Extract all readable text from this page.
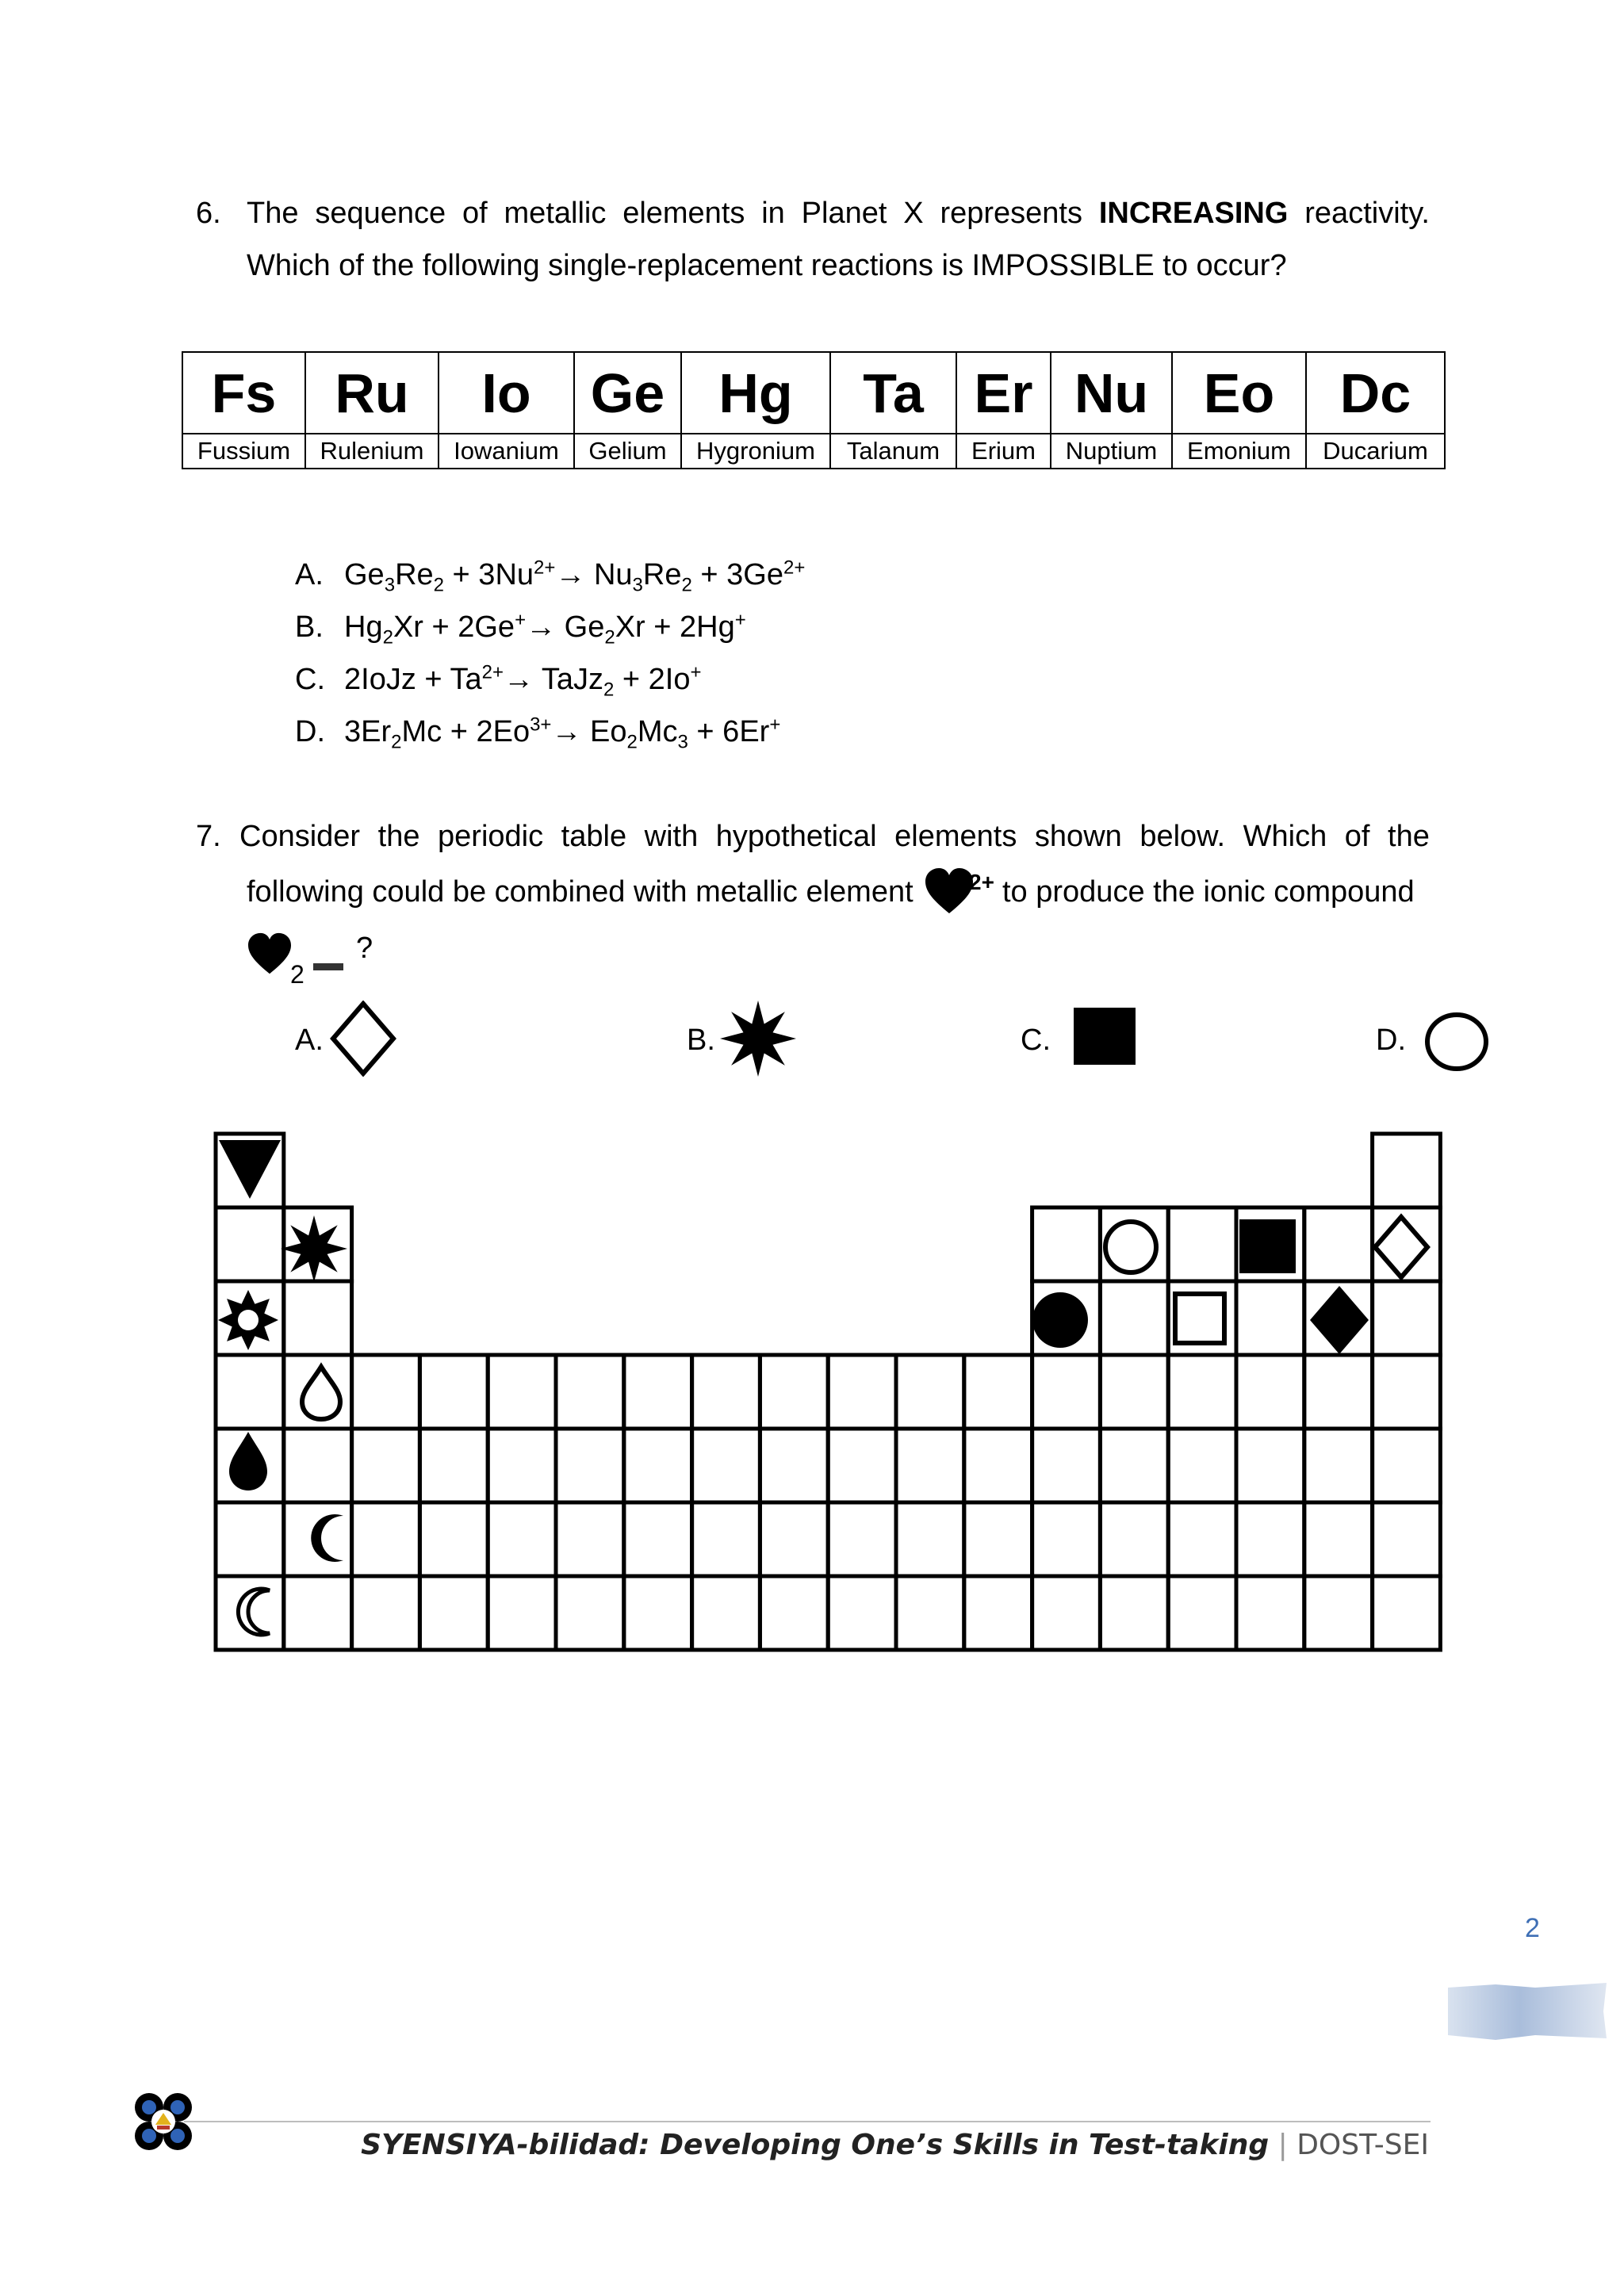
6. The sequence of metallic elements in Planet X represents INCREASING reactivity.
Which of the following single-replacement reactions is IMPOSSIBLE to occur?
Fs	Ru	Io	Ge	Hg	Ta	Er	Nu	Eo	Dc
Fussium	Rulenium	Iowanium	Gelium	Hygronium	Talanum	Erium	Nuptium	Emonium	Ducarium
A. $Ge_3Re_2 + 3Nu^{2+}\to Nu_3Re_2 + 3Ge^{2+}$
B. $Hg_2Xr + 2Ge^+\to Ge_2Xr + 2Hg^+$
C. 2IoJz + $Ta^{2+}\to$ TaJz$_2$ + 2Io+
D. $3Er_2Mc + 2Eo^{3+}\to Eo_2Mc_3 + 6Er^+$
7. Consider the periodic table with hypothetical elements shown below. Which of the
following could be combined with metallic element	2+ to produce the ionic compound
2
?
A.	B.	C.	D.
2
SYENSIYA-bilidad: Developing One’s Skills in Test-taking | DOST-SEI
